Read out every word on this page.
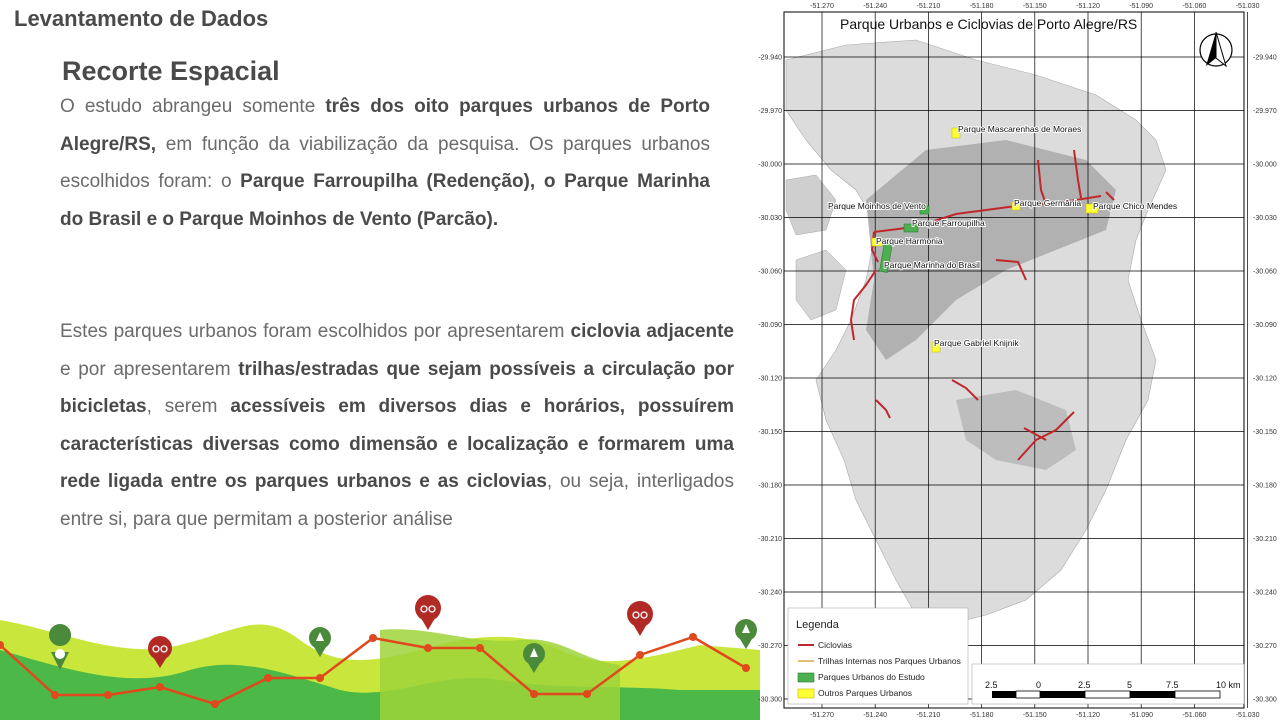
Levantamento de Dados
Recorte Espacial

O estudo abrangeu somente três dos oito parques urbanos de Porto Alegre/RS, em função da viabilização da pesquisa. Os parques urbanos escolhidos foram: o Parque Farroupilha (Redenção), o Parque Marinha do Brasil e o Parque Moinhos de Vento (Parcão).

Estes parques urbanos foram escolhidos por apresentarem ciclovia adjacente e por apresentarem trilhas/estradas que sejam possíveis a circulação por bicicletas, serem acessíveis em diversos dias e horários, possuírem características diversas como dimensão e localização e formarem uma rede ligada entre os parques urbanos e as ciclovias, ou seja, interligados entre si, para que permitam a posterior análise

Parque Mascarenhas de Moraes
Parque Moinhos de Vento	Parque Germânia Parque Chico Mendes
Parque Farroupilha
Parque Harmonia
Parque Marinha do Brasil
Parque Gabriel Knijnik
Parque Urbanos e Ciclovias de Porto Alegre/RS
-51.270
-51.270
-51.240
-51.240
-51.210
-51.210
-51.180
-51.180
-51.150
-51.150
-51.120
-51.120
-51.090
-51.090
-51.060
-51.060
-51.030
-51.030
-29.940	-29.940
-29.970	-29.970
-30.000	-30.000
-30.030	-30.030
-30.060	-30.060
-30.090	-30.090
-30.120	-30.120
-30.150	-30.150
-30.180	-30.180
-30.210	-30.210
-30.240	-30.240
-30.270	-30.270
-30.300	-30.300
Legenda
Ciclovias
Trilhas Internas nos Parques Urbanos
Parques Urbanos do Estudo
Outros Parques Urbanos
2.5	0	2.5	5	7.5	10 km
